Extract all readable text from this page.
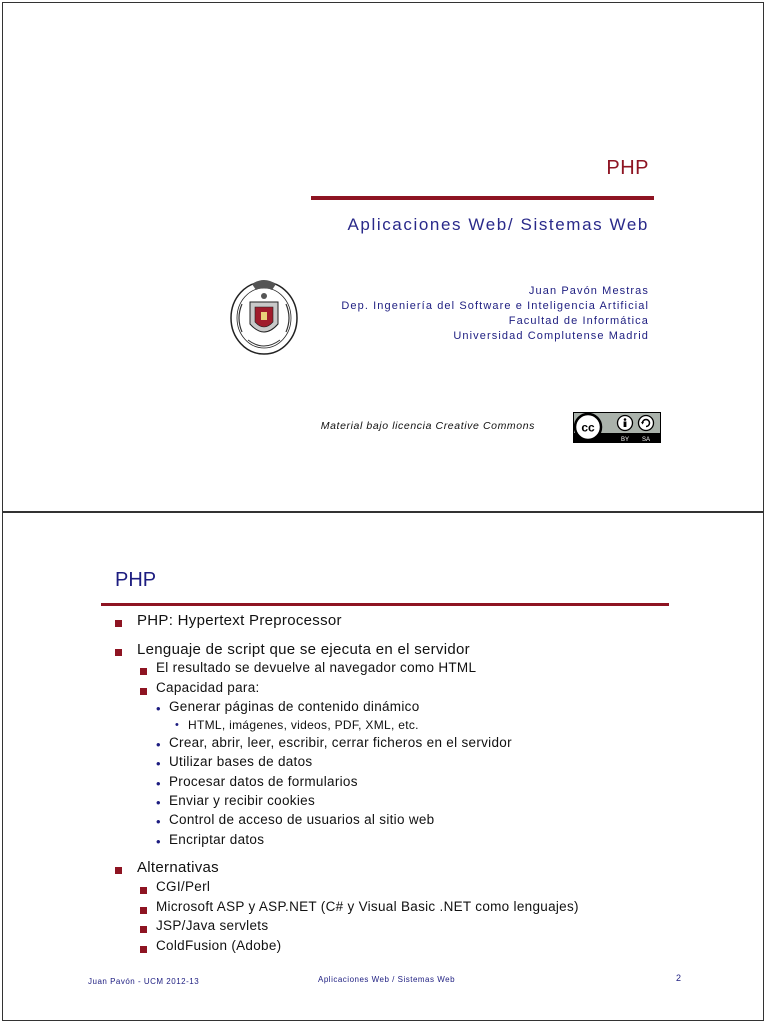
PHP
Aplicaciones Web/ Sistemas Web
Juan Pavón Mestras
Dep. Ingeniería del Software e Inteligencia Artificial
Facultad de Informática
Universidad Complutense Madrid
Material bajo licencia Creative Commons	cc
BY SA
PHP
PHP: Hypertext Preprocessor
Lenguaje de script que se ejecuta en el servidor
El resultado se devuelve al navegador como HTML
Capacidad para:
• Generar páginas de contenido dinámico
• HTML, imágenes, videos, PDF, XML, etc.
• Crear, abrir, leer, escribir, cerrar ficheros en el servidor
• Utilizar bases de datos
• Procesar datos de formularios
• Enviar y recibir cookies
• Control de acceso de usuarios al sitio web
• Encriptar datos
Alternativas
CGI/Perl
Microsoft ASP y ASP.NET (C# y Visual Basic .NET como lenguajes)
JSP/Java servlets
ColdFusion (Adobe)
Juan Pavón - UCM 2012-13	Aplicaciones Web / Sistemas Web	2
